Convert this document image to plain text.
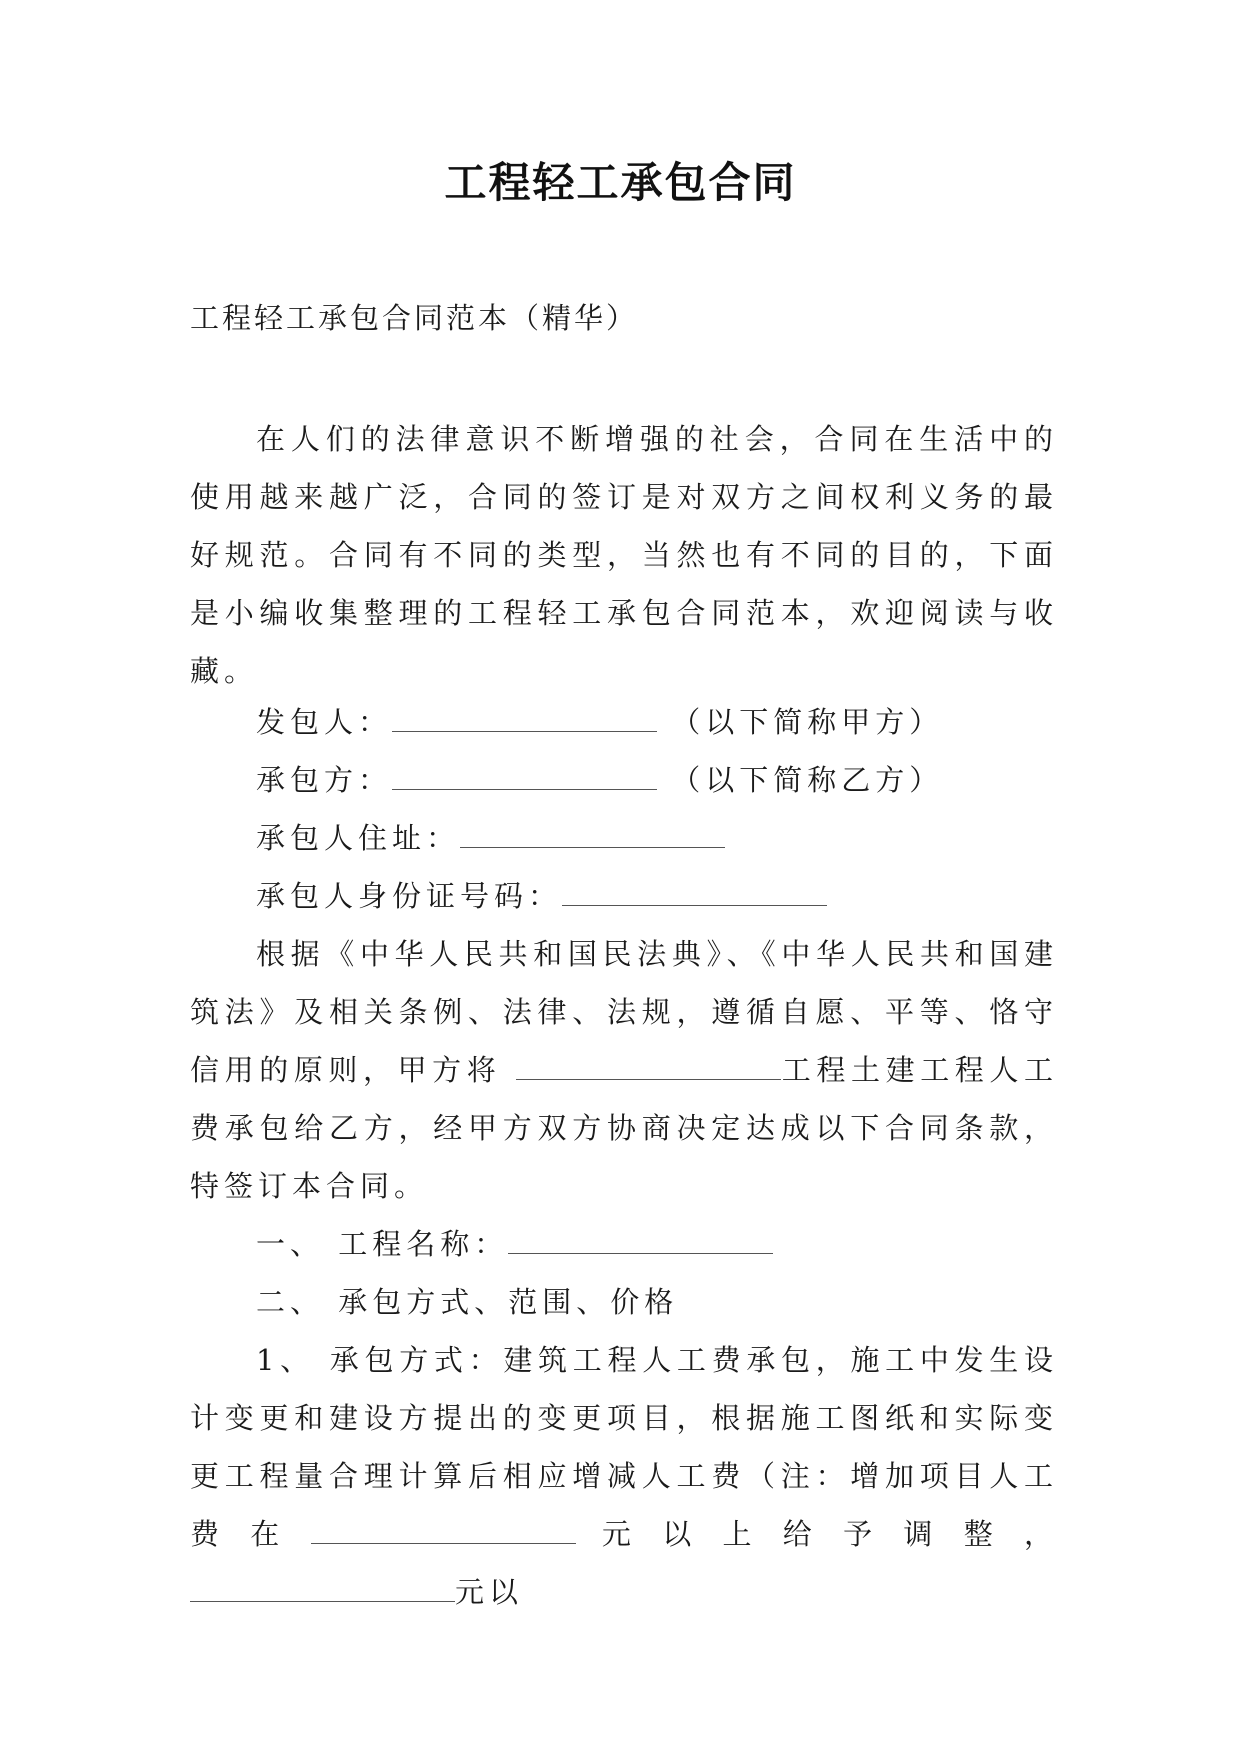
工程轻工承包合同
工程轻工承包合同范本（精华）

在人们的法律意识不断增强的社会，合同在生活中的使用越来越广泛，合同的签订是对双方之间权利义务的最好规范。合同有不同的类型，当然也有不同的目的，下面是小编收集整理的工程轻工承包合同范本，欢迎阅读与收藏。

发包人：	（以下简称甲方）

承包方：	（以下简称乙方）

承包人住址：

承包人身份证号码：

根据《中华人民共和国民法典》、《中华人民共和国建筑法》及相关条例、法律、法规，遵循自愿、平等、恪守信用的原则，甲方将	工程土建工程人工费承包给乙方，经甲方双方协商决定达成以下合同条款，特签订本合同。

一、 工程名称：

二、 承包方式、范围、价格

1、 承包方式：建筑工程人工费承包，施工中发生设计变更和建设方提出的变更项目，根据施工图纸和实际变更工程量合理计算后相应增减人工费（注：增加项目人工费在	元以上给予调整，元以
